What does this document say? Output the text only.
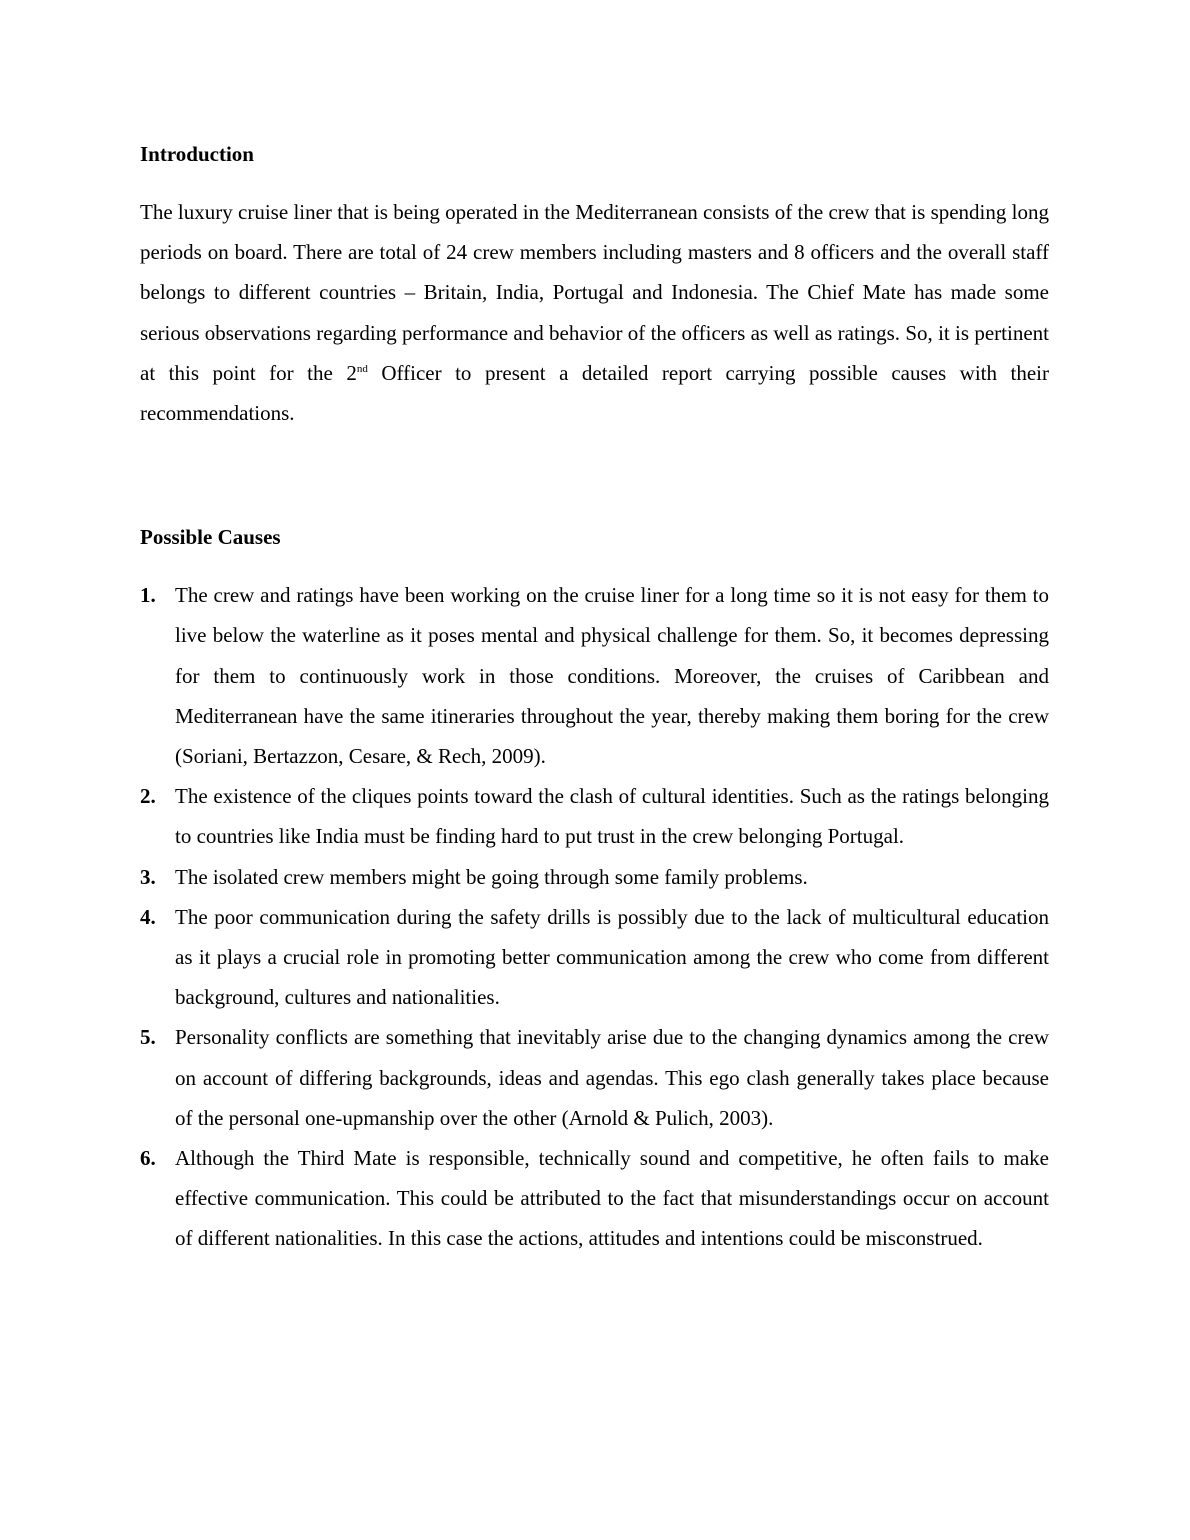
Introduction

The luxury cruise liner that is being operated in the Mediterranean consists of the crew that is spending long periods on board. There are total of 24 crew members including masters and 8 officers and the overall staff belongs to different countries – Britain, India, Portugal and Indonesia. The Chief Mate has made some serious observations regarding performance and behavior of the officers as well as ratings. So, it is pertinent at this point for the 2nd Officer to present a detailed report carrying possible causes with their recommendations.

Possible Causes
1. The crew and ratings have been working on the cruise liner for a long time so it is not easy for them to live below the waterline as it poses mental and physical challenge for them. So, it becomes depressing for them to continuously work in those conditions. Moreover, the cruises of Caribbean and Mediterranean have the same itineraries throughout the year, thereby making them boring for the crew (Soriani, Bertazzon, Cesare, & Rech, 2009).
2. The existence of the cliques points toward the clash of cultural identities. Such as the ratings belonging to countries like India must be finding hard to put trust in the crew belonging Portugal.
3. The isolated crew members might be going through some family problems.
4. The poor communication during the safety drills is possibly due to the lack of multicultural education as it plays a crucial role in promoting better communication among the crew who come from different background, cultures and nationalities.
5. Personality conflicts are something that inevitably arise due to the changing dynamics among the crew on account of differing backgrounds, ideas and agendas. This ego clash generally takes place because of the personal one-upmanship over the other (Arnold & Pulich, 2003).
6. Although the Third Mate is responsible, technically sound and competitive, he often fails to make effective communication. This could be attributed to the fact that misunderstandings occur on account of different nationalities. In this case the actions, attitudes and intentions could be misconstrued.
